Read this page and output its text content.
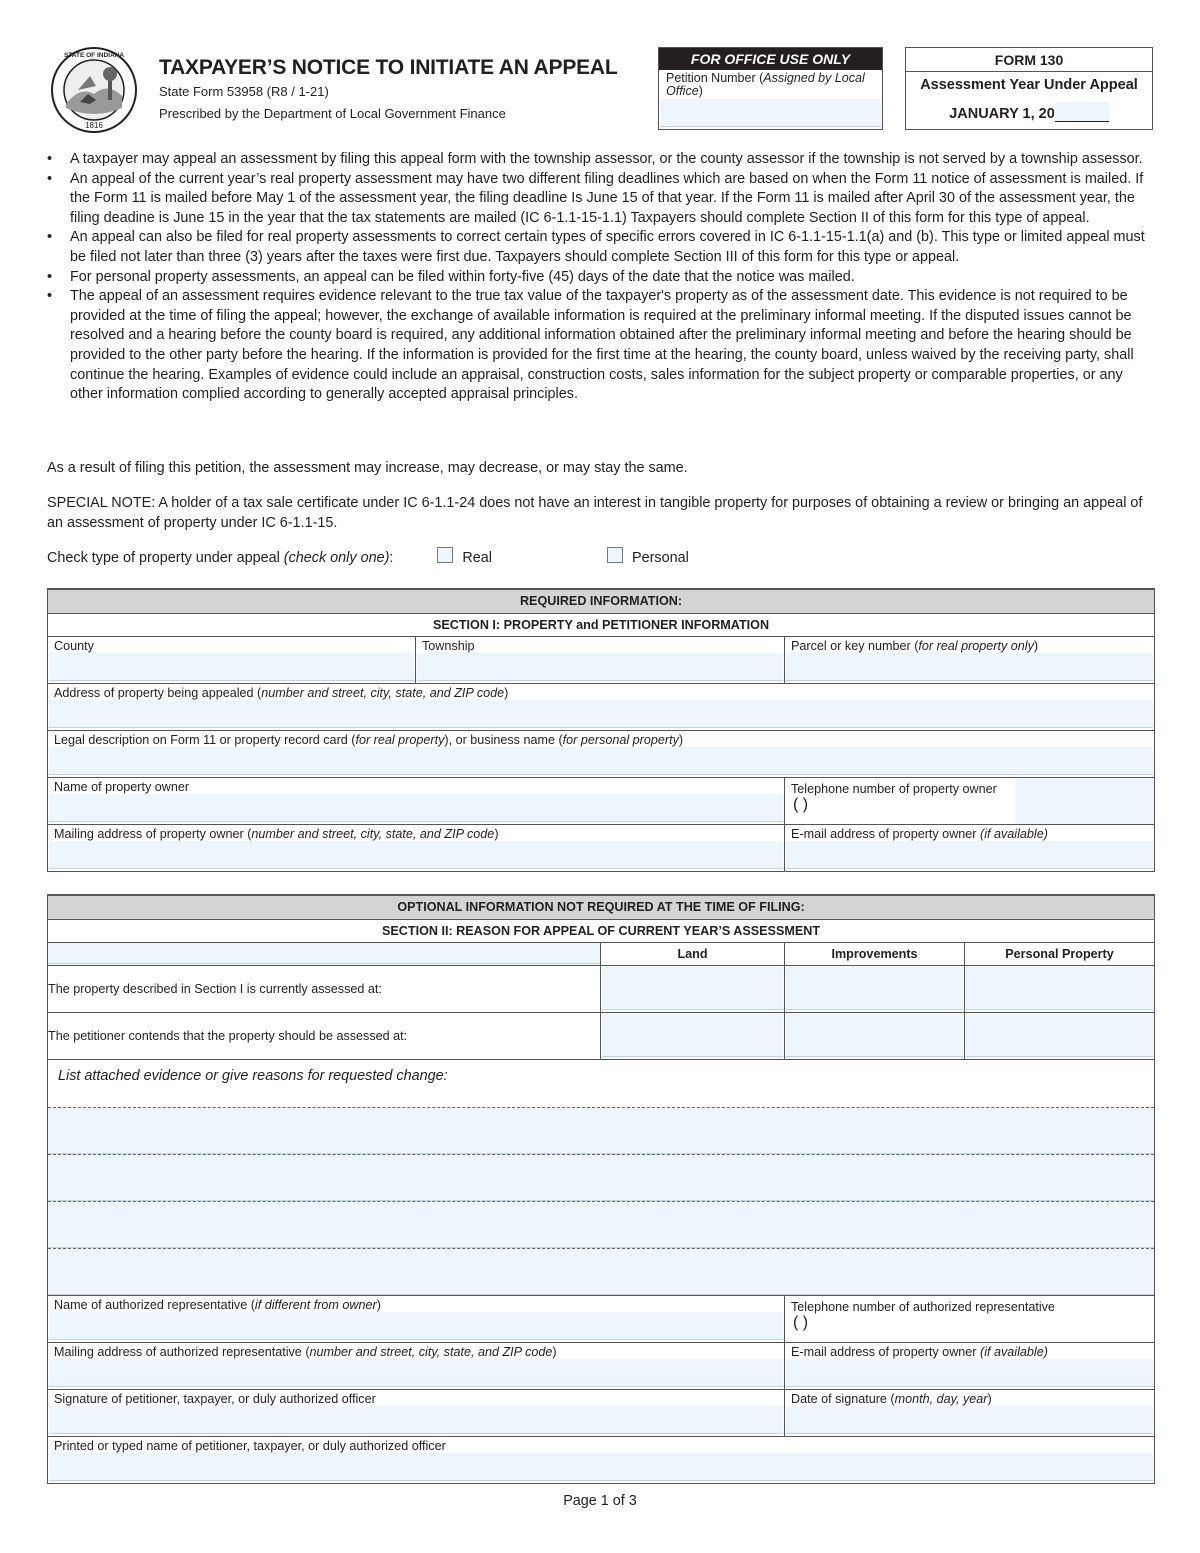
1816
STATE OF INDIANA
TAXPAYER’S NOTICE TO INITIATE AN APPEAL
State Form 53958 (R8 / 1-21)
Prescribed by the Department of Local Government Finance
FOR OFFICE USE ONLY
Petition Number (Assigned by Local Office)
FORM 130
Assessment Year Under Appeal
JANUARY 1, 20
• A taxpayer may appeal an assessment by filing this appeal form with the township assessor, or the county assessor if the township is not served by a township assessor.
• An appeal of the current year’s real property assessment may have two different filing deadlines which are based on when the Form 11 notice of assessment is mailed. If the Form 11 is mailed before May 1 of the assessment year, the filing deadline Is June 15 of that year. If the Form 11 is mailed after April 30 of the assessment year, the filing deadine is June 15 in the year that the tax statements are mailed (IC 6-1.1-15-1.1) Taxpayers should complete Section II of this form for this type of appeal.
• An appeal can also be filed for real property assessments to correct certain types of specific errors covered in IC 6-1.1-15-1.1(a) and (b). This type or limited appeal must be filed not later than three (3) years after the taxes were first due. Taxpayers should complete Section III of this form for this type or appeal.
• For personal property assessments, an appeal can be filed within forty-five (45) days of the date that the notice was mailed.
• The appeal of an assessment requires evidence relevant to the true tax value of the taxpayer's property as of the assessment date. This evidence is not required to be provided at the time of filing the appeal; however, the exchange of available information is required at the preliminary informal meeting. If the disputed issues cannot be resolved and a hearing before the county board is required, any additional information obtained after the preliminary informal meeting and before the hearing should be provided to the other party before the hearing. If the information is provided for the first time at the hearing, the county board, unless waived by the receiving party, shall continue the hearing. Examples of evidence could include an appraisal, construction costs, sales information for the subject property or comparable properties, or any other information complied according to generally accepted appraisal principles.
As a result of filing this petition, the assessment may increase, may decrease, or may stay the same.
SPECIAL NOTE: A holder of a tax sale certificate under IC 6-1.1-24 does not have an interest in tangible property for purposes of obtaining a review or bringing an appeal of an assessment of property under IC 6-1.1-15.
Check type of property under appeal (check only one):	Real	Personal
REQUIRED INFORMATION:		
SECTION I: PROPERTY and PETITIONER INFORMATION		

County	Township	Parcel or key number (for real property only)

Address of property being appealed (number and street, city, state, and ZIP code)		

Legal description on Form 11 or property record card (for real property), or business name (for personal property)		

Name of property owner		Telephone number of property owner
( )

Mailing address of property owner (number and street, city, state, and ZIP code)		E-mail address of property owner (if available)
OPTIONAL INFORMATION NOT REQUIRED AT THE TIME OF FILING:			
SECTION II: REASON FOR APPEAL OF CURRENT YEAR’S ASSESSMENT			

	Land	Improvements	Personal Property
The property described in Section I is currently assessed at:	

The petitioner contends that the property should be assessed at:	

List attached evidence or give reasons for requested change:			

Name of authorized representative (if different from owner)		Telephone number of authorized representative
( )	

Mailing address of authorized representative (number and street, city, state, and ZIP code)		E-mail address of property owner (if available)	

Signature of petitioner, taxpayer, or duly authorized officer		Date of signature (month, day, year)	

Printed or typed name of petitioner, taxpayer, or duly authorized officer			
Page 1 of 3
